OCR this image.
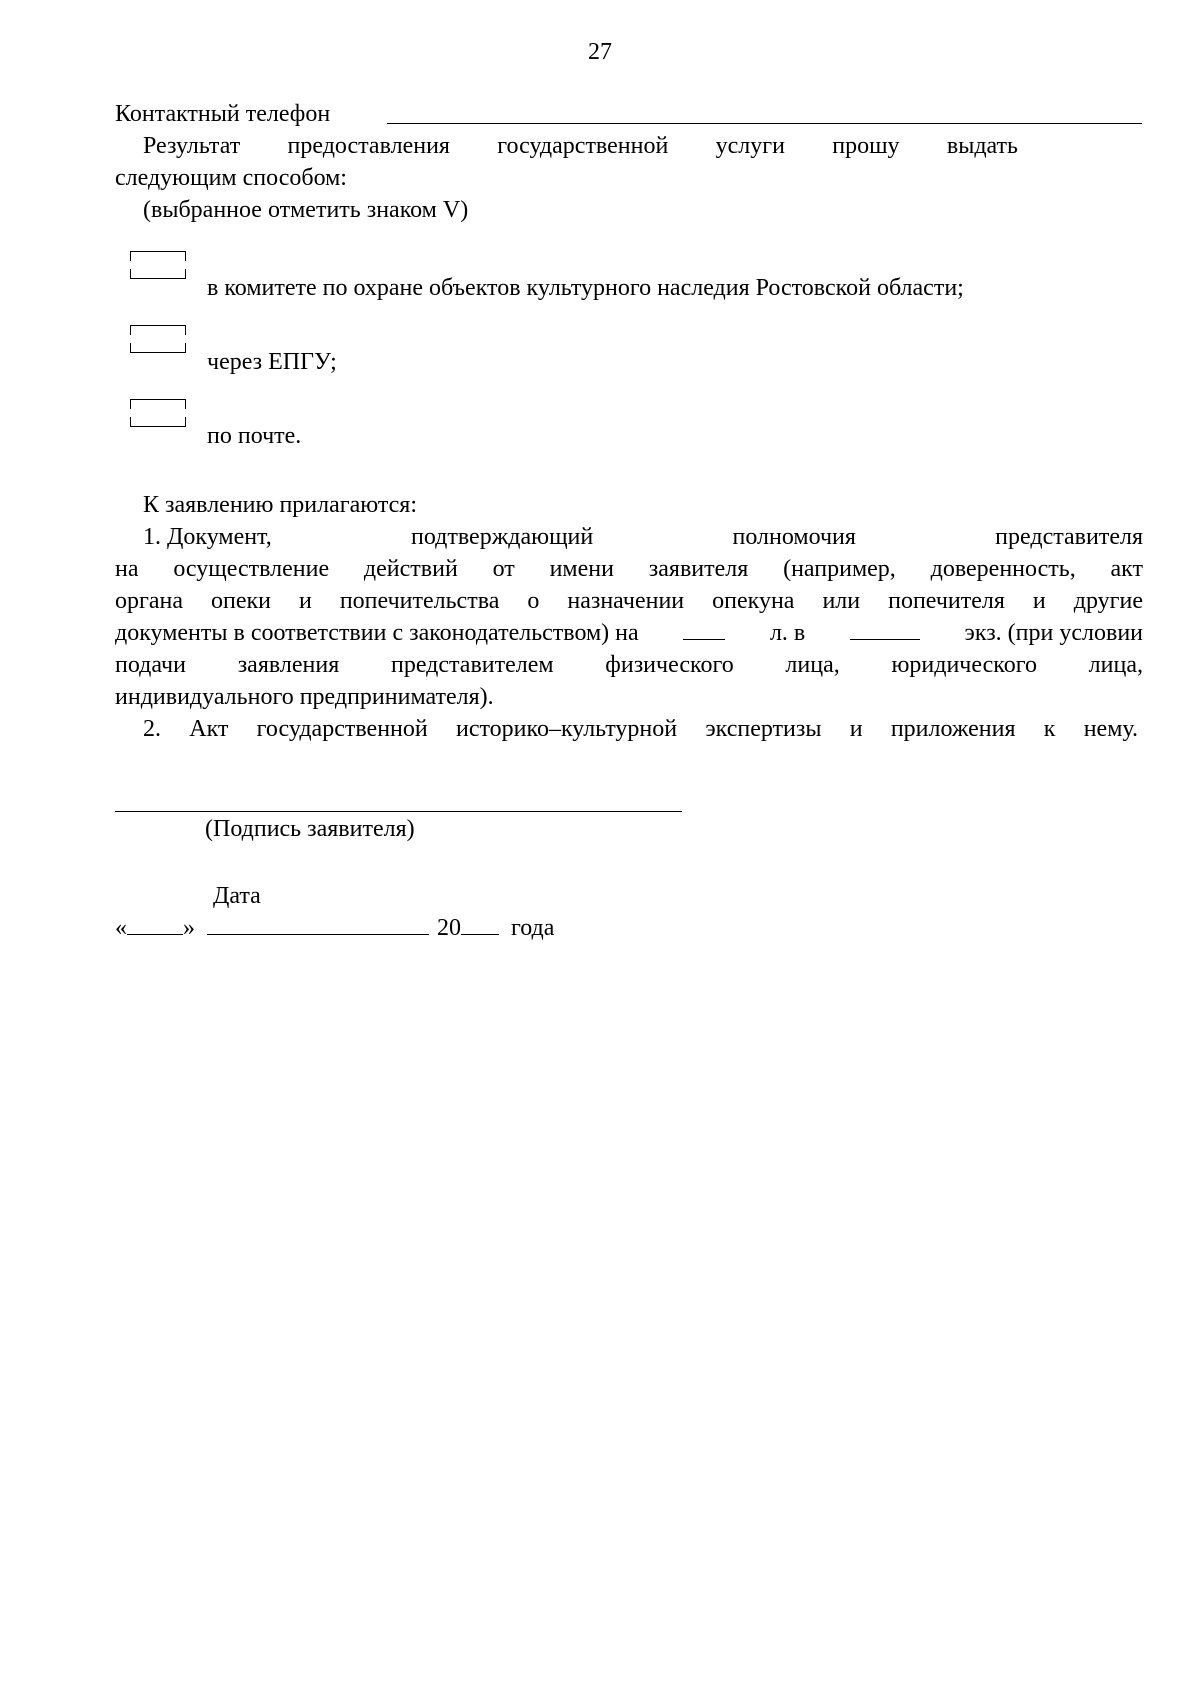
27
Контактный телефон
Результат предоставления государственной услуги прошу выдать
следующим способом:
(выбранное отметить знаком V)
в комитете по охране объектов культурного наследия Ростовской области;
через ЕПГУ;
по почте.
К заявлению прилагаются:
1. Документ,	подтверждающий	полномочия	представителя
на осуществление действий от имени заявителя (например, доверенность, акт
органа опеки и попечительства о назначении опекуна или попечителя и другие
документы в соответствии с законодательством) на	л. в	экз. (при условии
подачи заявления представителем физического лица, юридического лица,
индивидуального предпринимателя).
2. Акт государственной историко–культурной экспертизы и приложения к нему.
(Подпись заявителя)
Дата
« »	20 года
